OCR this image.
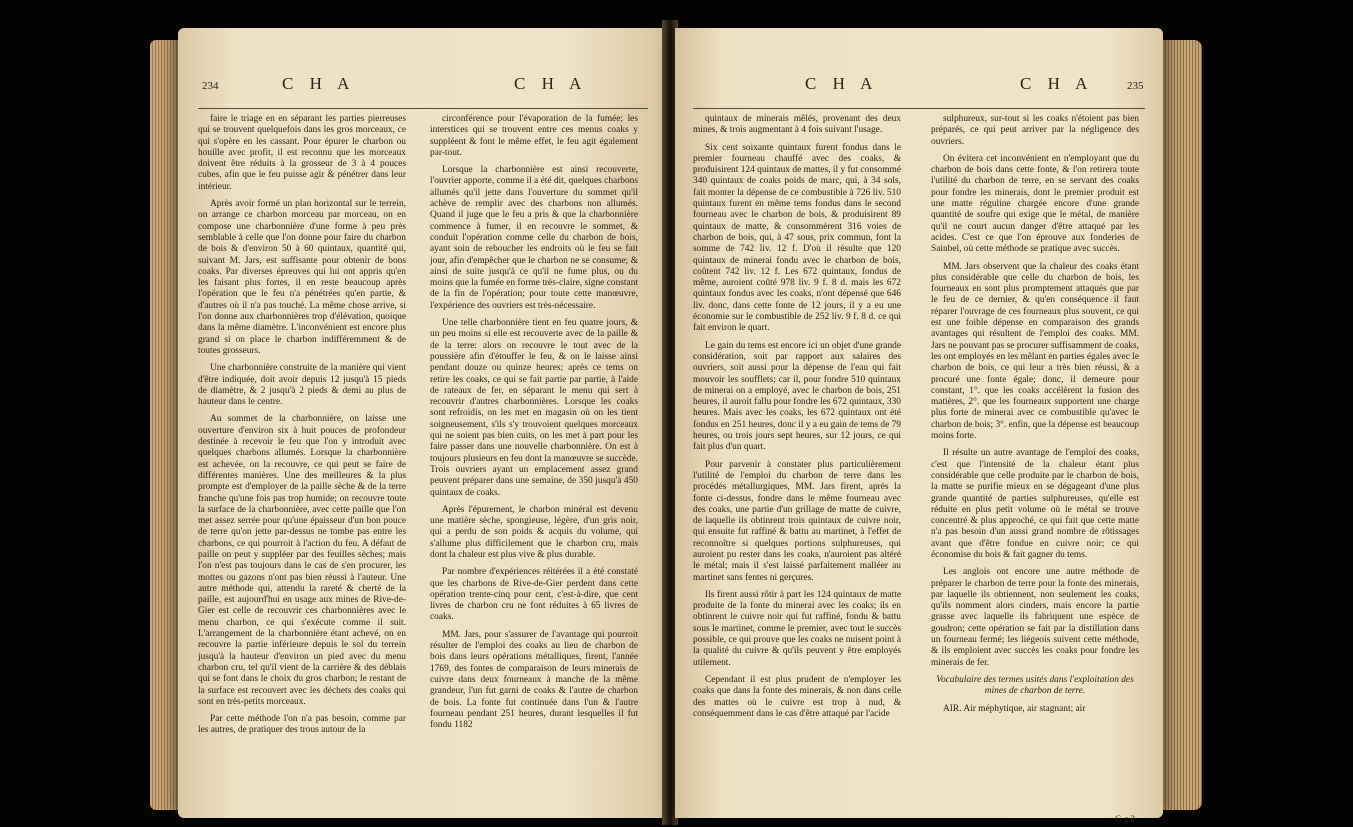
234	C H A	C H A

faire le triage en en séparant les parties pierreuses qui se trouvent quelquefois dans les gros morceaux, ce qui s'opère en les cassant. Pour épurer le charbon ou houille avec profit, il est reconnu que les morceaux doivent être réduits à la grosseur de 3 à 4 pouces cubes, afin que le feu puisse agir & pénétrer dans leur intérieur.

Après avoir formé un plan horizontal sur le terrein, on arrange ce charbon morceau par morceau, on en compose une charbonnière d'une forme à peu près semblable à celle que l'on donne pour faire du charbon de bois & d'environ 50 à 60 quintaux, quantité qui, suivant M. Jars, est suffisante pour obtenir de bons coaks. Par diverses épreuves qui lui ont appris qu'en les faisant plus fortes, il en reste beaucoup après l'opération que le feu n'a pénétrées qu'en partie, & d'autres où il n'a pas touché. La même chose arrive, si l'on donne aux charbonnières trop d'élévation, quoique dans la même diamètre. L'inconvénient est encore plus grand si on place le charbon indifféremment & de toutes grosseurs.

Une charbonnière construite de la manière qui vient d'être indiquée, doit avoir depuis 12 jusqu'à 15 pieds de diamètre, & 2 jusqu'à 2 pieds & demi au plus de hauteur dans le centre.

Au sommet de la charbonnière, on laisse une ouverture d'environ six à huit pouces de profondeur destinée à recevoir le feu que l'on y introduit avec quelques charbons allumés. Lorsque la charbonnière est achevée, on la recouvre, ce qui peut se faire de différentes manières. Une des meilleures & la plus prompte est d'employer de la paille sèche & de la terre franche qu'une fois pas trop humide; on recouvre toute la surface de la charbonnière, avec cette paille que l'on met assez serrée pour qu'une épaisseur d'un bon pouce de terre qu'on jette par-dessus ne tombe pas entre les charbons, ce qui pourroit à l'action du feu. A défaut de paille on peut y suppléer par des feuilles sèches; mais l'on n'est pas toujours dans le cas de s'en procurer, les mottes ou gazons n'ont pas bien réussi à l'auteur. Une autre méthode qui, attendu la rareté & cherté de la paille, est aujourd'hui en usage aux mines de Rive-de-Gier est celle de recouvrir ces charbonnières avec le menu charbon, ce qui s'exécute comme il suit. L'arrangement de la charbonnière étant achevé, on en recouvre la partie inférieure depuis le sol du terrein jusqu'à la hauteur d'environ un pied avec du menu charbon cru, tel qu'il vient de la carrière & des déblais qui se font dans le choix du gros charbon; le restant de la surface est recouvert avec les déchets des coaks qui sont en très-petits morceaux.

Par cette méthode l'on n'a pas besoin, comme par les autres, de pratiquer des trous autour de la

circonférence pour l'évaporation de la fumée; les interstices qui se trouvent entre ces menus coaks y suppléent & font le même effet, le feu agit également par-tout.

Lorsque la charbonnière est ainsi recouverte, l'ouvrier apporte, comme il a été dit, quelques charbons allumés qu'il jette dans l'ouverture du sommet qu'il achève de remplir avec des charbons non allumés. Quand il juge que le feu a pris & que la charbonnière commence à fumer, il en recouvre le sommet, & conduit l'opération comme celle du charbon de bois, ayant soin de reboucher les endroits où le feu se fait jour, afin d'empêcher que le charbon ne se consume; & ainsi de suite jusqu'à ce qu'il ne fume plus, ou du moins que la fumée en forme très-claire, signe constant de la fin de l'opération; pour toute cette manœuvre, l'expérience des ouvriers est très-nécessaire.

Une telle charbonnière tient en feu quatre jours, & un peu moins si elle est recouverte avec de la paille & de la terre: alors on recouvre le tout avec de la poussière afin d'étouffer le feu, & on le laisse ainsi pendant douze ou quinze heures; après ce tems on retire les coaks, ce qui se fait partie par partie, à l'aide de rateaux de fer, en séparant le menu qui sert à recouvrir d'autres charbonnières. Lorsque les coaks sont refroidis, on les met en magasin où on les tient soigneusement, s'ils s'y trouvoient quelques morceaux qui ne soient pas bien cuits, on les met à part pour les faire passer dans une nouvelle charbonnière. On est à toujours plusieurs en feu dont la manœuvre se succède. Trois ouvriers ayant un emplacement assez grand peuvent préparer dans une semaine, de 350 jusqu'à 450 quintaux de coaks.

Après l'épurement, le charbon minéral est devenu une matière sèche, spongieuse, légère, d'un gris noir, qui a perdu de son poids & acquis du volume, qui s'allume plus difficilement que le charbon cru, mais dont la chaleur est plus vive & plus durable.

Par nombre d'expériences réitérées il a été constaté que les charbons de Rive-de-Gier perdent dans cette opération trente-cinq pour cent, c'est-à-dire, que cent livres de charbon cru ne font réduites à 65 livres de coaks.

MM. Jars, pour s'assurer de l'avantage qui pourroit résulter de l'emploi des coaks au lieu de charbon de bois dans leurs opérations métalliques, firent, l'année 1769, des fontes de comparaison de leurs minerais de cuivre dans deux fourneaux à manche de la même grandeur, l'un fut garni de coaks & l'autre de charbon de bois. La fonte fut continuée dans l'un & l'autre fourneau pendant 251 heures, durant lesquelles il fut fondu 1182

C H A	C H A	235

quintaux de minerais mêlés, provenant des deux mines, & trois augmentant à 4 fois suivant l'usage.

Six cent soixante quintaux furent fondus dans le premier fourneau chauffé avec des coaks, & produisirent 124 quintaux de mattes, il y fut consommé 340 quintaux de coaks poids de marc, qui, à 34 sols, fait monter la dépense de ce combustible à 726 liv. 510 quintaux furent en même tems fondus dans le second fourneau avec le charbon de bois, & produisirent 89 quintaux de matte, & consommèrent 316 voies de charbon de bois, qui, à 47 sous, prix commun, font la somme de 742 liv. 12 f. D'où il résulte que 120 quintaux de minerai fondu avec le charbon de bois, coûtent 742 liv. 12 f. Les 672 quintaux, fondus de même, auroient coûté 978 liv. 9 f. 8 d. mais les 672 quintaux fondus avec les coaks, n'ont dépensé que 646 liv. donc, dans cette fonte de 12 jours, il y a eu une économie sur le combustible de 252 liv. 9 f. 8 d. ce qui fait environ le quart.

Le gain du tems est encore ici un objet d'une grande considération, soit par rapport aux salaires des ouvriers, soit aussi pour la dépense de l'eau qui fait mouvoir les soufflets; car il, pour fondre 510 quintaux de minerai on a employé, avec le charbon de bois, 251 heures, il auroit fallu pour fondre les 672 quintaux, 330 heures. Mais avec les coaks, les 672 quintaux ont été fondus en 251 heures, donc il y a eu gain de tems de 79 heures, ou trois jours sept heures, sur 12 jours, ce qui fait plus d'un quart.

Pour parvenir à constater plus particulièrement l'utilité de l'emploi du charbon de terre dans les procédés métallurgiques, MM. Jars firent, après la fonte ci-dessus, fondre dans le même fourneau avec des coaks, une partie d'un grillage de matte de cuivre, de laquelle ils obtinrent trois quintaux de cuivre noir, qui ensuite fut raffiné & battu au martinet, à l'effet de reconnoître si quelques portions sulphureuses, qui auroient pu rester dans les coaks, n'auroient pas altéré le métal; mais il s'est laissé parfaitement malléer au martinet sans fentes ni gerçures.

Ils firent aussi rôtir à part les 124 quintaux de matte produite de la fonte du minerai avec les coaks; ils en obtinrent le cuivre noir qui fut raffiné, fondu & battu sous le martinet, comme le premier, avec tout le succès possible, ce qui prouve que les coaks ne nuisent point à la qualité du cuivre & qu'ils peuvent y être employés utilement.

Cependant il est plus prudent de n'employer les coaks que dans la fonte des minerais, & non dans celle des mattes où le cuivre est trop à nud, & conséquemment dans le cas d'être attaqué par l'acide

sulphureux, sur-tout si les coaks n'étoient pas bien préparés, ce qui peut arriver par la négligence des ouvriers.

On évitera cet inconvénient en n'employant que du charbon de bois dans cette fonte, & l'on retirera toute l'utilité du charbon de terre, en se servant des coaks pour fondre les minerais, dont le premier produit est une matte réguline chargée encore d'une grande quantité de soufre qui exige que le métal, de manière qu'il ne court aucun danger d'être attaqué par les acides. C'est ce que l'on éprouve aux fonderies de Sainbel, où cette méthode se pratique avec succès.

MM. Jars observent que la chaleur des coaks étant plus considérable que celle du charbon de bois, les fourneaux en sont plus promptement attaqués que par le feu de ce dernier, & qu'en conséquence il faut réparer l'ouvrage de ces fourneaux plus souvent, ce qui est une foible dépense en comparaison des grands avantages qui résultent de l'emploi des coaks. MM. Jars ne pouvant pas se procurer suffisamment de coaks, les ont employés en les mêlant en parties égales avec le charbon de bois, ce qui leur a très bien réussi, & a procuré une fonte égale; donc, il demeure pour constant, 1°. que les coaks accélèrent la fusion des matières, 2°. que les fourneaux supportent une charge plus forte de minerai avec ce combustible qu'avec le charbon de bois; 3°. enfin, que la dépense est beaucoup moins forte.

Il résulte un autre avantage de l'emploi des coaks, c'est que l'intensité de la chaleur étant plus considérable que celle produite par le charbon de bois, la matte se purifie mieux en se dégageant d'une plus grande quantité de parties sulphureuses, qu'elle est réduite en plus petit volume où le métal se trouve concentré & plus approché, ce qui fait que cette matte n'a pas besoin d'un aussi grand nombre de rôtissages avant que d'être fondue en cuivre noir; ce qui économise du bois & fait gagner du tems.

Les anglois ont encore une autre méthode de préparer le charbon de terre pour la fonte des minerais, par laquelle ils obtiennent, non seulement les coaks, qu'ils nomment alors cinders, mais encore la partie grasse avec laquelle ils fabriquent une espèce de goudron; cette opération se fait par la distillation dans un fourneau fermé; les liégeois suivent cette méthode, & ils emploient avec succès les coaks pour fondre les minerais de fer.

Vocabulaire des termes usités dans l'exploitation des mines de charbon de terre.

AIR. Air méphytique, air stagnant; air

G g 2
